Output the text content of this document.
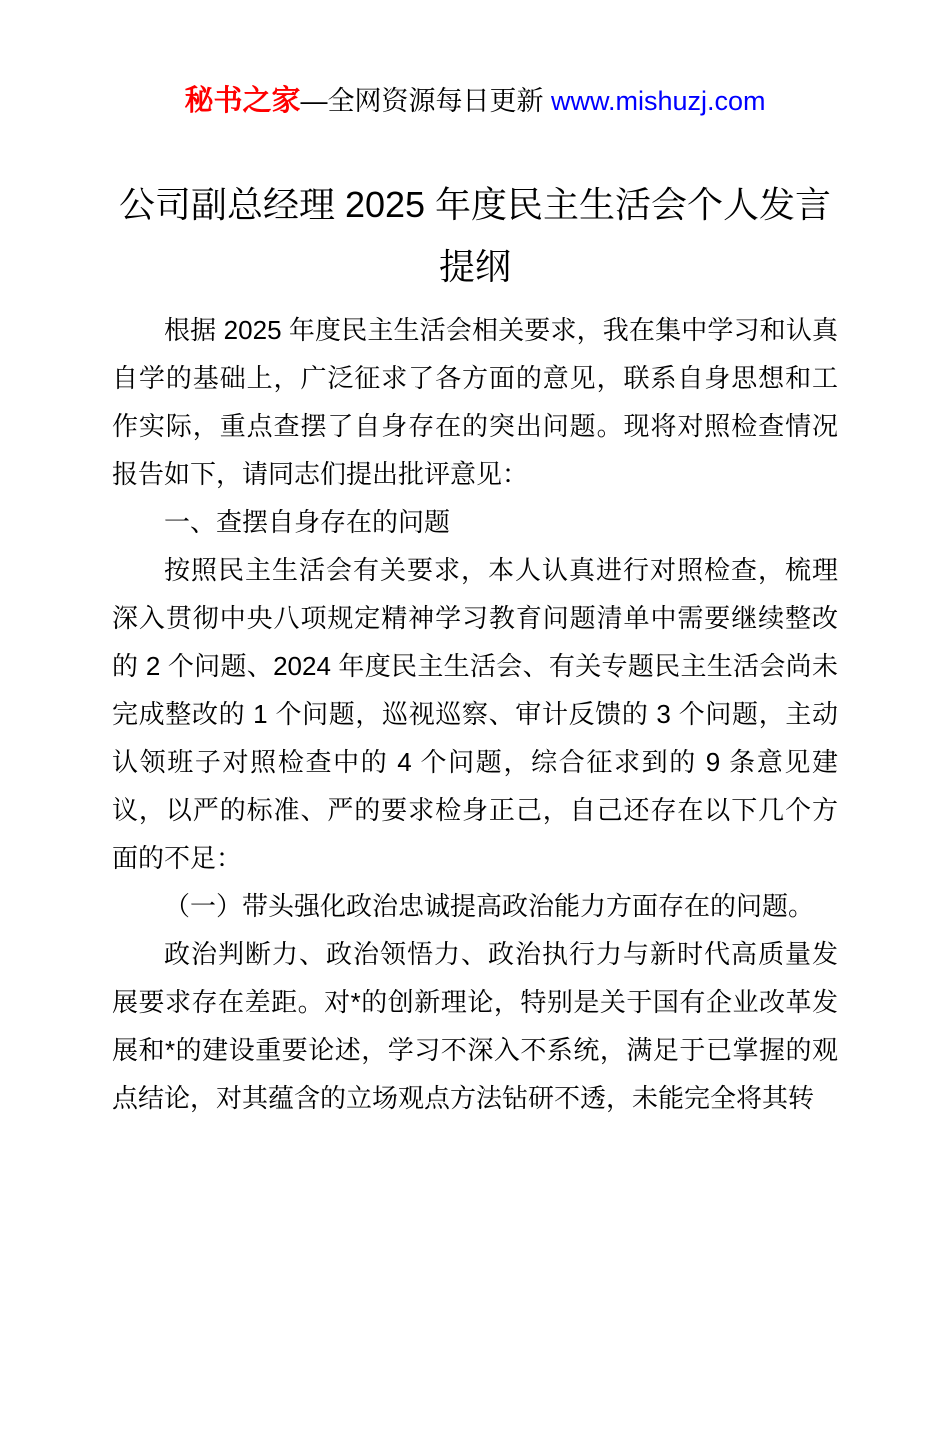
秘书之家—全网资源每日更新 www.mishuzj.com
公司副总经理 2025 年度民主生活会个人发言提纲

根据 2025 年度民主生活会相关要求，我在集中学习和认真自学的基础上，广泛征求了各方面的意见，联系自身思想和工作实际，重点查摆了自身存在的突出问题。现将对照检查情况报告如下，请同志们提出批评意见：

一、查摆自身存在的问题

按照民主生活会有关要求，本人认真进行对照检查，梳理深入贯彻中央八项规定精神学习教育问题清单中需要继续整改的 2 个问题、2024 年度民主生活会、有关专题民主生活会尚未完成整改的 1 个问题，巡视巡察、审计反馈的 3 个问题，主动认领班子对照检查中的 4 个问题，综合征求到的 9 条意见建议，以严的标准、严的要求检身正己，自己还存在以下几个方面的不足：

（一）带头强化政治忠诚提高政治能力方面存在的问题。

政治判断力、政治领悟力、政治执行力与新时代高质量发展要求存在差距。对*的创新理论，特别是关于国有企业改革发展和*的建设重要论述，学习不深入不系统，满足于已掌握的观点结论，对其蕴含的立场观点方法钻研不透，未能完全将其转
